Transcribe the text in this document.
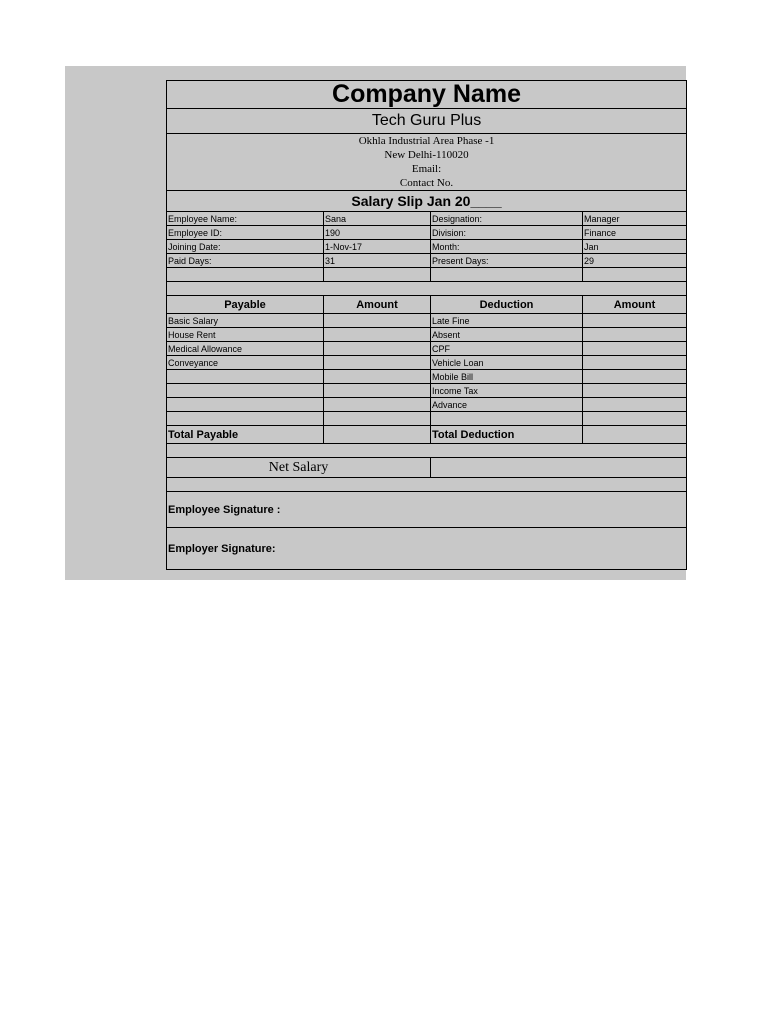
Company Name			
Tech Guru Plus			

Okhla Industrial Area Phase -1
New Delhi-110020
Email:
Contact No.			

Salary Slip Jan 20____			
Employee Name:	Sana	Designation:	Manager
Employee ID:	190	Division:	Finance
Joining Date:	1-Nov-17	Month:	Jan
Paid Days:	31	Present Days:	29

Payable	Amount	Deduction	Amount
Basic Salary		Late Fine	
House Rent		Absent	
Medical Allowance		CPF	
Conveyance		Vehicle Loan	
		Mobile Bill	
		Income Tax	
		Advance	

Total Payable		Total Deduction	

Net Salary			

Employee Signature :			
Employer Signature:			
